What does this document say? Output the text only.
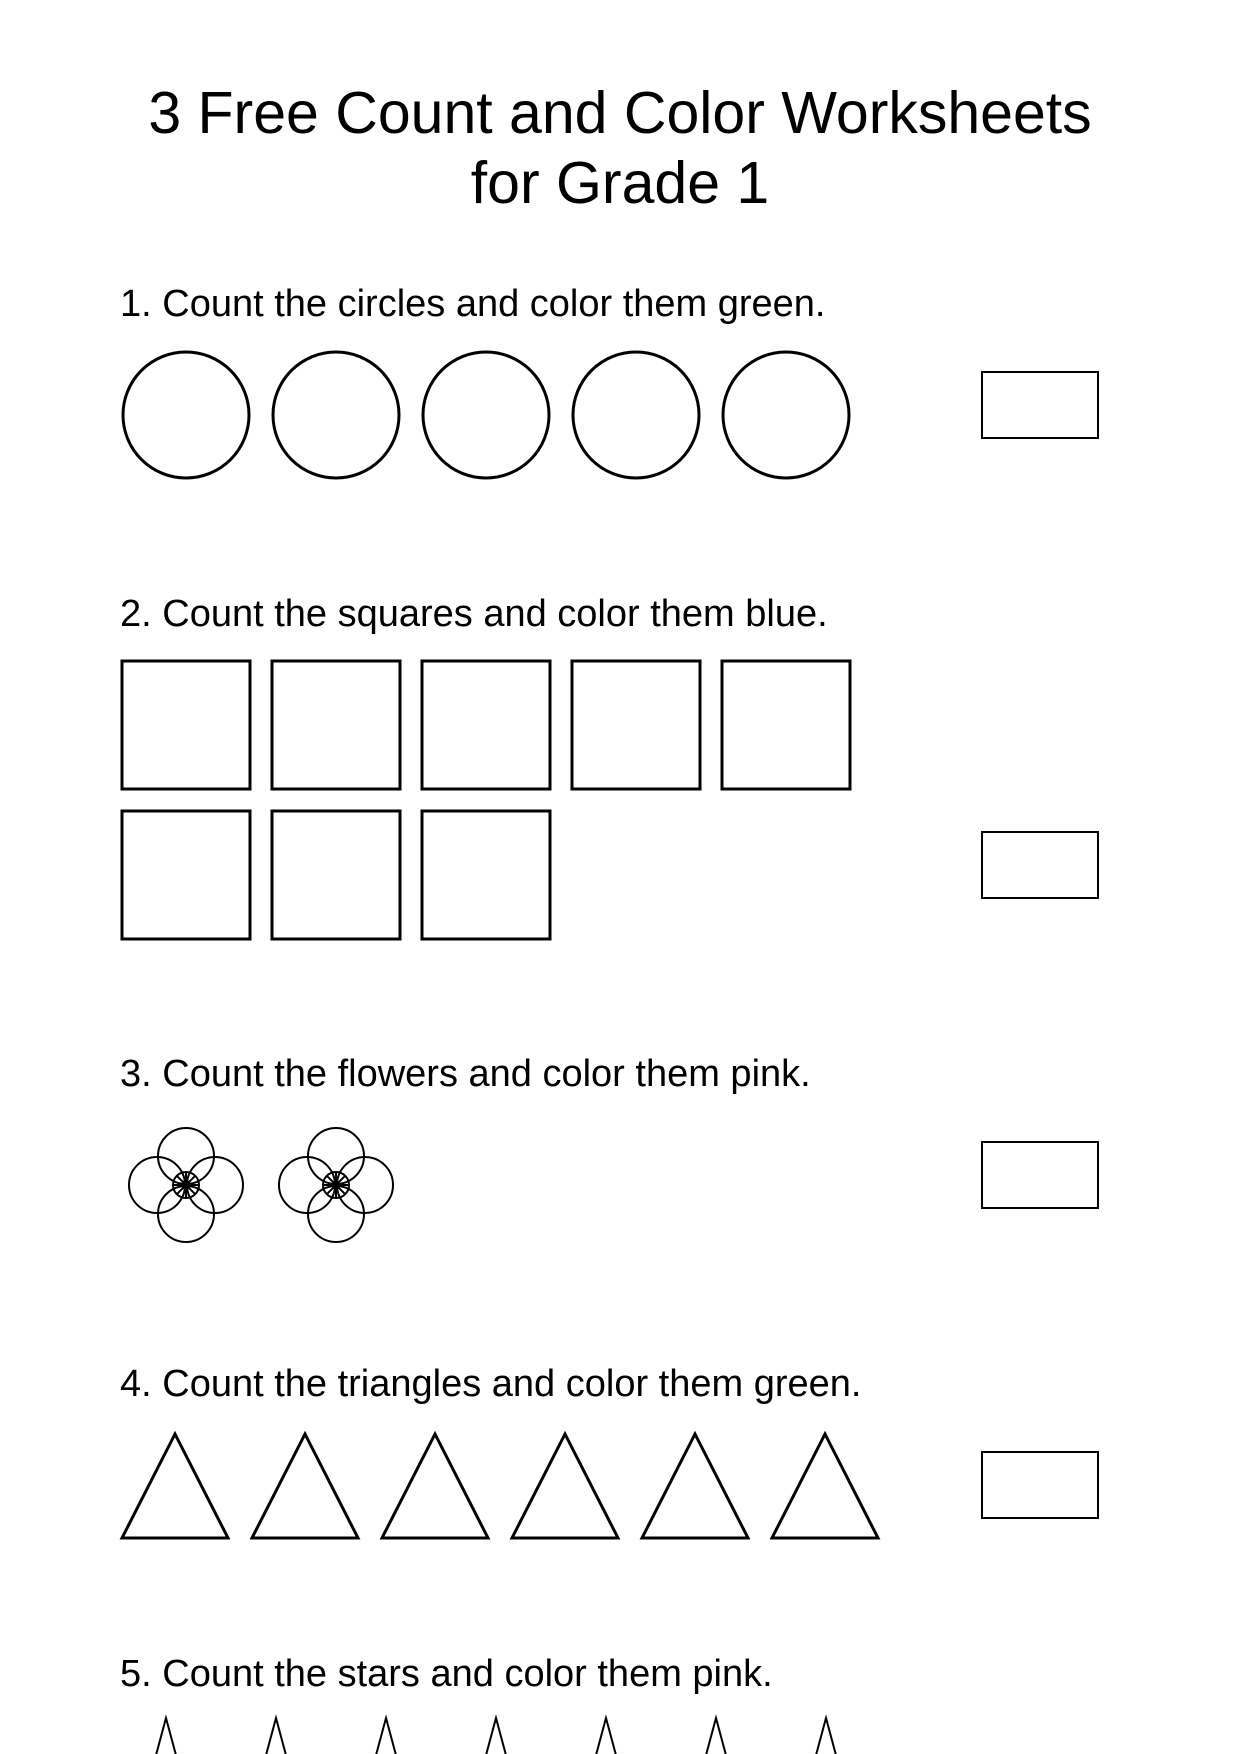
3 Free Count and Color Worksheets
for Grade 1

1. Count the circles and color them green.

2. Count the squares and color them blue.

3. Count the flowers and color them pink.

4. Count the triangles and color them green.

5. Count the stars and color them pink.
